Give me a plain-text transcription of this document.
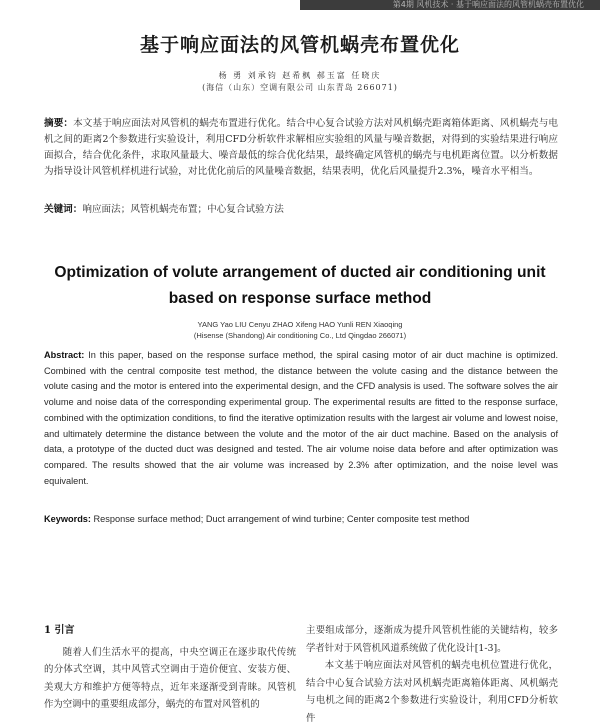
第4期 风机技术 · 基于响应面法的风管机蜗壳布置优化
基于响应面法的风管机蜗壳布置优化
杨 勇 刘承钧 赵希枫 郝玉富 任晓庆
(海信（山东）空调有限公司 山东青岛 266071)
摘要：本文基于响应面法对风管机的蜗壳布置进行优化。结合中心复合试验方法对风机蜗壳距离箱体距离、风机蜗壳与电机之间的距离2个参数进行实验设计，利用CFD分析软件求解相应实验组的风量与噪音数据，对得到的实验结果进行响应面拟合，结合优化条件，求取风量最大、噪音最低的综合优化结果，最终确定风管机的蜗壳与电机距离位置。以分析数据为指导设计风管机样机进行试验，对比优化前后的风量噪音数据，结果表明，优化后风量提升2.3%，噪音水平相当。
关键词：响应面法；风管机蜗壳布置；中心复合试验方法
Optimization of volute arrangement of ducted air conditioning unit based on response surface method
YANG Yao LIU Cenyu ZHAO Xifeng HAO Yunli REN Xiaoqing
(Hisense (Shandong) Air conditioning Co., Ltd Qingdao 266071)
Abstract: In this paper, based on the response surface method, the spiral casing motor of air duct machine is optimized. Combined with the central composite test method, the distance between the volute casing and the distance between the volute casing and the motor is entered into the experimental design, and the CFD analysis is used. The software solves the air volume and noise data of the corresponding experimental group. The experimental results are fitted to the response surface, combined with the optimization conditions, to find the iterative optimization results with the largest air volume and lowest noise, and ultimately determine the distance between the volute and the motor of the air duct machine. Based on the analysis of data, a prototype of the ducted duct was designed and tested. The air volume noise data before and after optimization was compared. The results showed that the air volume was increased by 2.3% after optimization, and the noise level was equivalent.
Keywords: Response surface method; Duct arrangement of wind turbine; Center composite test method
1 引言

随着人们生活水平的提高，中央空调正在逐步取代传统的分体式空调，其中风管式空调由于造价便宜、安装方便、美观大方和维护方便等特点，近年来逐渐受到青睐。风管机作为空调中的重要组成部分，蜗壳的布置对风管机的

主要组成部分，逐渐成为提升风管机性能的关键结构，较多学者针对于风管机风道系统做了优化设计[1-3]。

本文基于响应面法对风管机的蜗壳电机位置进行优化，结合中心复合试验方法对风机蜗壳距离箱体距离、风机蜗壳与电机之间的距离2个参数进行实验设计，利用CFD分析软件
